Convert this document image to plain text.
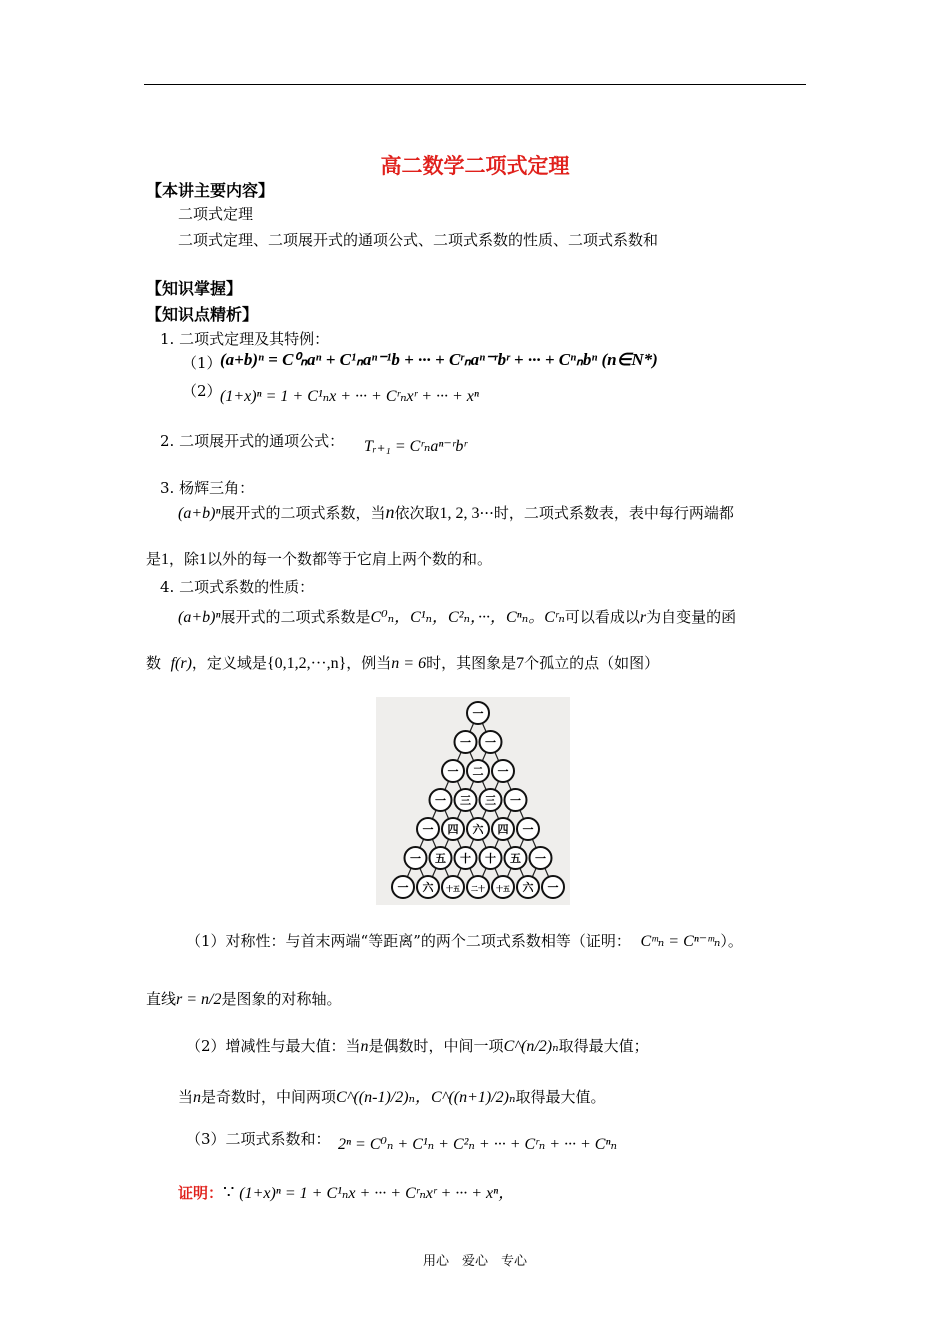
高二数学二项式定理
【本讲主要内容】
二项式定理
二项式定理、二项展开式的通项公式、二项式系数的性质、二项式系数和
【知识掌握】
【知识点精析】
1. 二项式定理及其特例：
（1）
(a+b)ⁿ = C⁰ₙaⁿ + C¹ₙaⁿ⁻¹b + ··· + Cʳₙaⁿ⁻ʳbʳ + ··· + Cⁿₙbⁿ (n∈N*)
（2）
(1+x)ⁿ = 1 + C¹ₙx + ··· + Cʳₙxʳ + ··· + xⁿ
2. 二项展开式的通项公式： Tᵣ₊₁ = Cʳₙaⁿ⁻ʳbʳ
3. 杨辉三角：
(a+b)ⁿ展开式的二项式系数，当n依次取1, 2, 3···时，二项式系数表，表中每行两端都
是1，除1以外的每一个数都等于它肩上两个数的和。
4. 二项式系数的性质：
(a+b)ⁿ展开式的二项式系数是C⁰ₙ，C¹ₙ，C²ₙ，···，Cⁿₙ。Cʳₙ可以看成以r为自变量的函
数 f(r)，定义域是{0,1,2,···,n}，例当n = 6时，其图象是7个孤立的点（如图）
一
一 一
一 二 一
一 三 三 一
一 四 六 四 一
一 五 十 十 五 一
一 六 十五 二十 十五 六 一
（1）对称性：与首末两端“等距离”的两个二项式系数相等（证明： Cᵐₙ = Cⁿ⁻ᵐₙ）。
直线r = n/2是图象的对称轴。
（2）增减性与最大值：当n是偶数时，中间一项C^(n/2)ₙ取得最大值；
当n是奇数时，中间两项C^((n-1)/2)ₙ，C^((n+1)/2)ₙ取得最大值。
（3）二项式系数和： 2ⁿ = C⁰ₙ + C¹ₙ + C²ₙ + ··· + Cʳₙ + ··· + Cⁿₙ
证明：∵ (1+x)ⁿ = 1 + C¹ₙx + ··· + Cʳₙxʳ + ··· + xⁿ，
用心　爱心　专心
